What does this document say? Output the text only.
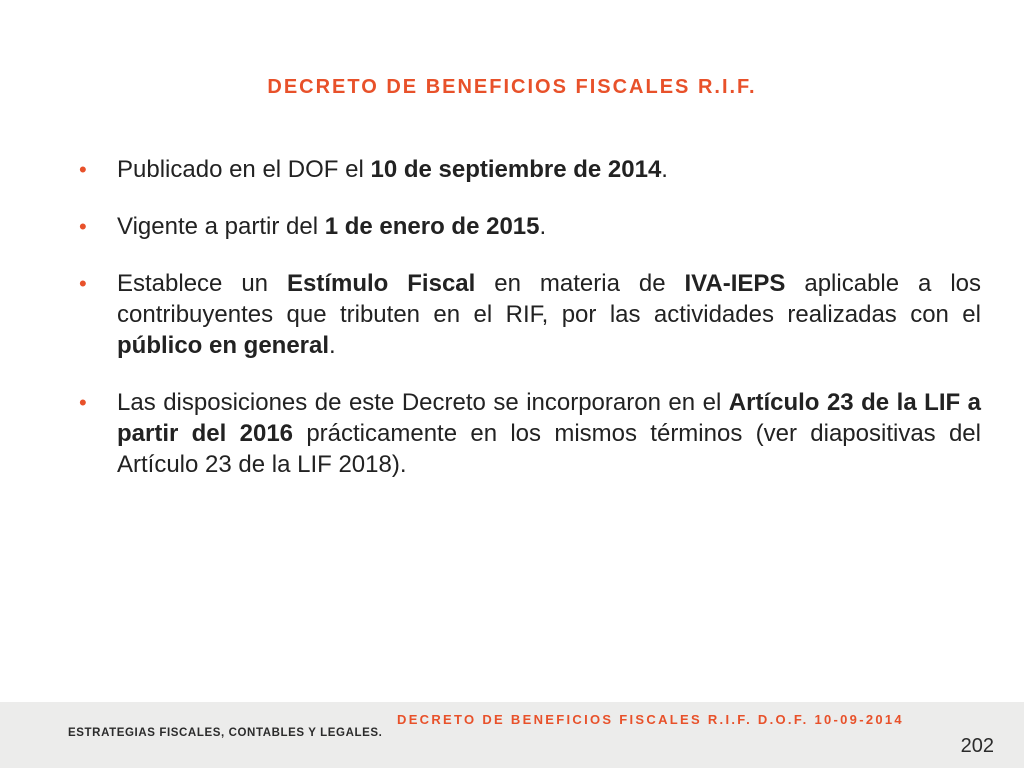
DECRETO DE BENEFICIOS FISCALES R.I.F.
• Publicado en el DOF el 10 de septiembre de 2014.
• Vigente a partir del 1 de enero de 2015.
• Establece un Estímulo Fiscal en materia de IVA-IEPS aplicable a los contribuyentes que tributen en el RIF, por las actividades realizadas con el público en general.
• Las disposiciones de este Decreto se incorporaron en el Artículo 23 de la LIF a partir del 2016 prácticamente en los mismos términos (ver diapositivas del Artículo 23 de la LIF 2018).
DECRETO DE BENEFICIOS FISCALES R.I.F. D.O.F. 10-09-2014
ESTRATEGIAS FISCALES, CONTABLES Y LEGALES.
202
